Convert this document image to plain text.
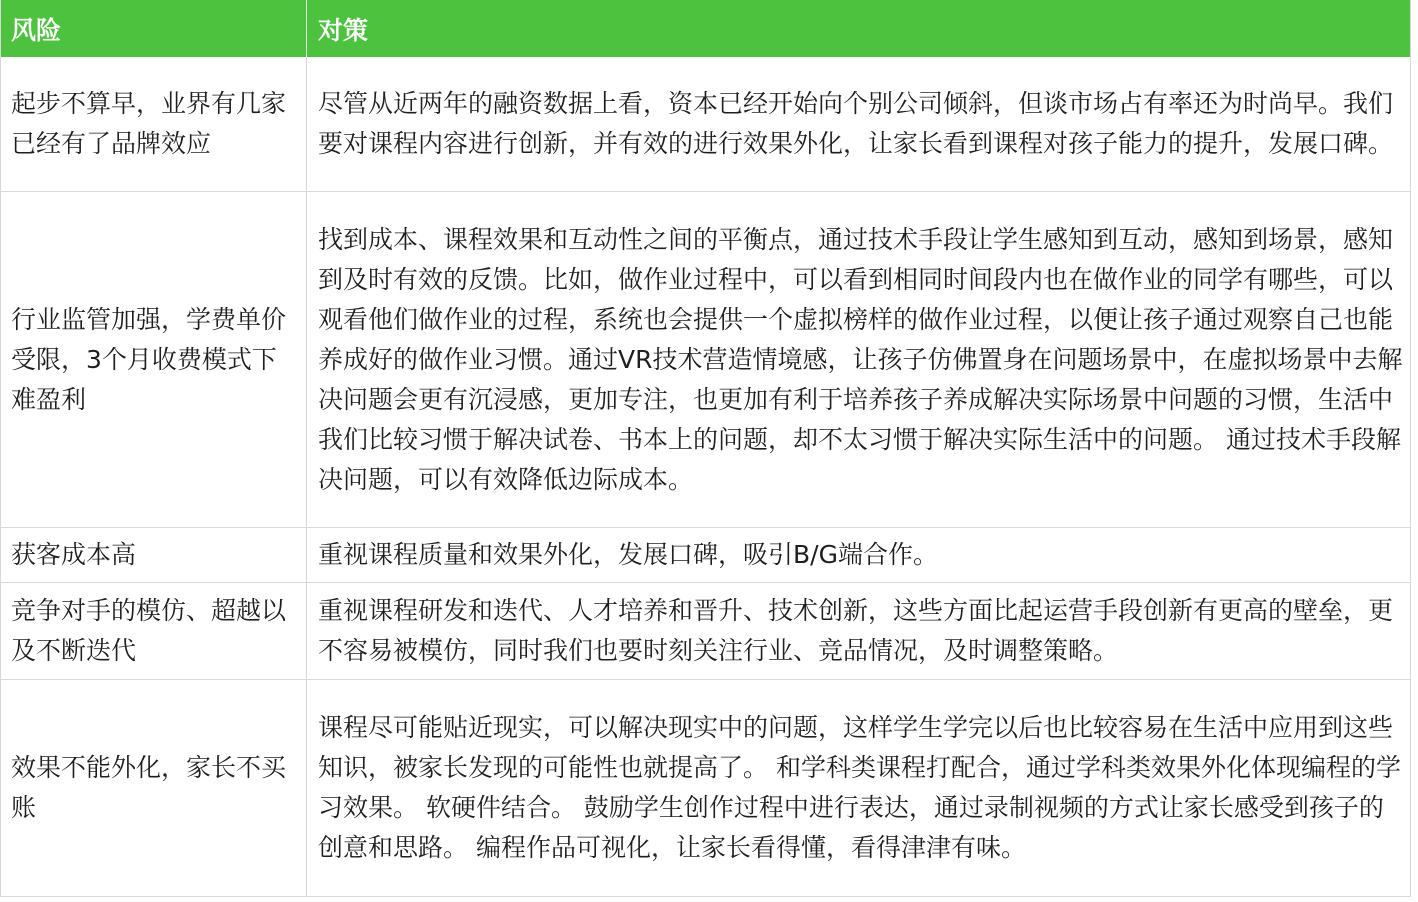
风险	对策
起步不算早，业界有几家已经有了品牌效应
尽管从近两年的融资数据上看，资本已经开始向个别公司倾斜，但谈市场占有率还为时尚早。我们要对课程内容进行创新，并有效的进行效果外化，让家长看到课程对孩子能力的提升，发展口碑。
行业监管加强，学费单价受限，3个月收费模式下难盈利
找到成本、课程效果和互动性之间的平衡点，通过技术手段让学生感知到互动，感知到场景，感知到及时有效的反馈。比如，做作业过程中，可以看到相同时间段内也在做作业的同学有哪些，可以观看他们做作业的过程，系统也会提供一个虚拟榜样的做作业过程，以便让孩子通过观察自己也能养成好的做作业习惯。通过VR技术营造情境感，让孩子仿佛置身在问题场景中，在虚拟场景中去解决问题会更有沉浸感，更加专注，也更加有利于培养孩子养成解决实际场景中问题的习惯，生活中我们比较习惯于解决试卷、书本上的问题，却不太习惯于解决实际生活中的问题。 通过技术手段解决问题，可以有效降低边际成本。
获客成本高	重视课程质量和效果外化，发展口碑，吸引B/G端合作。
竞争对手的模仿、超越以及不断迭代
重视课程研发和迭代、人才培养和晋升、技术创新，这些方面比起运营手段创新有更高的壁垒，更不容易被模仿，同时我们也要时刻关注行业、竞品情况，及时调整策略。
效果不能外化，家长不买账
课程尽可能贴近现实，可以解决现实中的问题，这样学生学完以后也比较容易在生活中应用到这些知识，被家长发现的可能性也就提高了。 和学科类课程打配合，通过学科类效果外化体现编程的学习效果。 软硬件结合。 鼓励学生创作过程中进行表达，通过录制视频的方式让家长感受到孩子的创意和思路。 编程作品可视化，让家长看得懂，看得津津有味。
